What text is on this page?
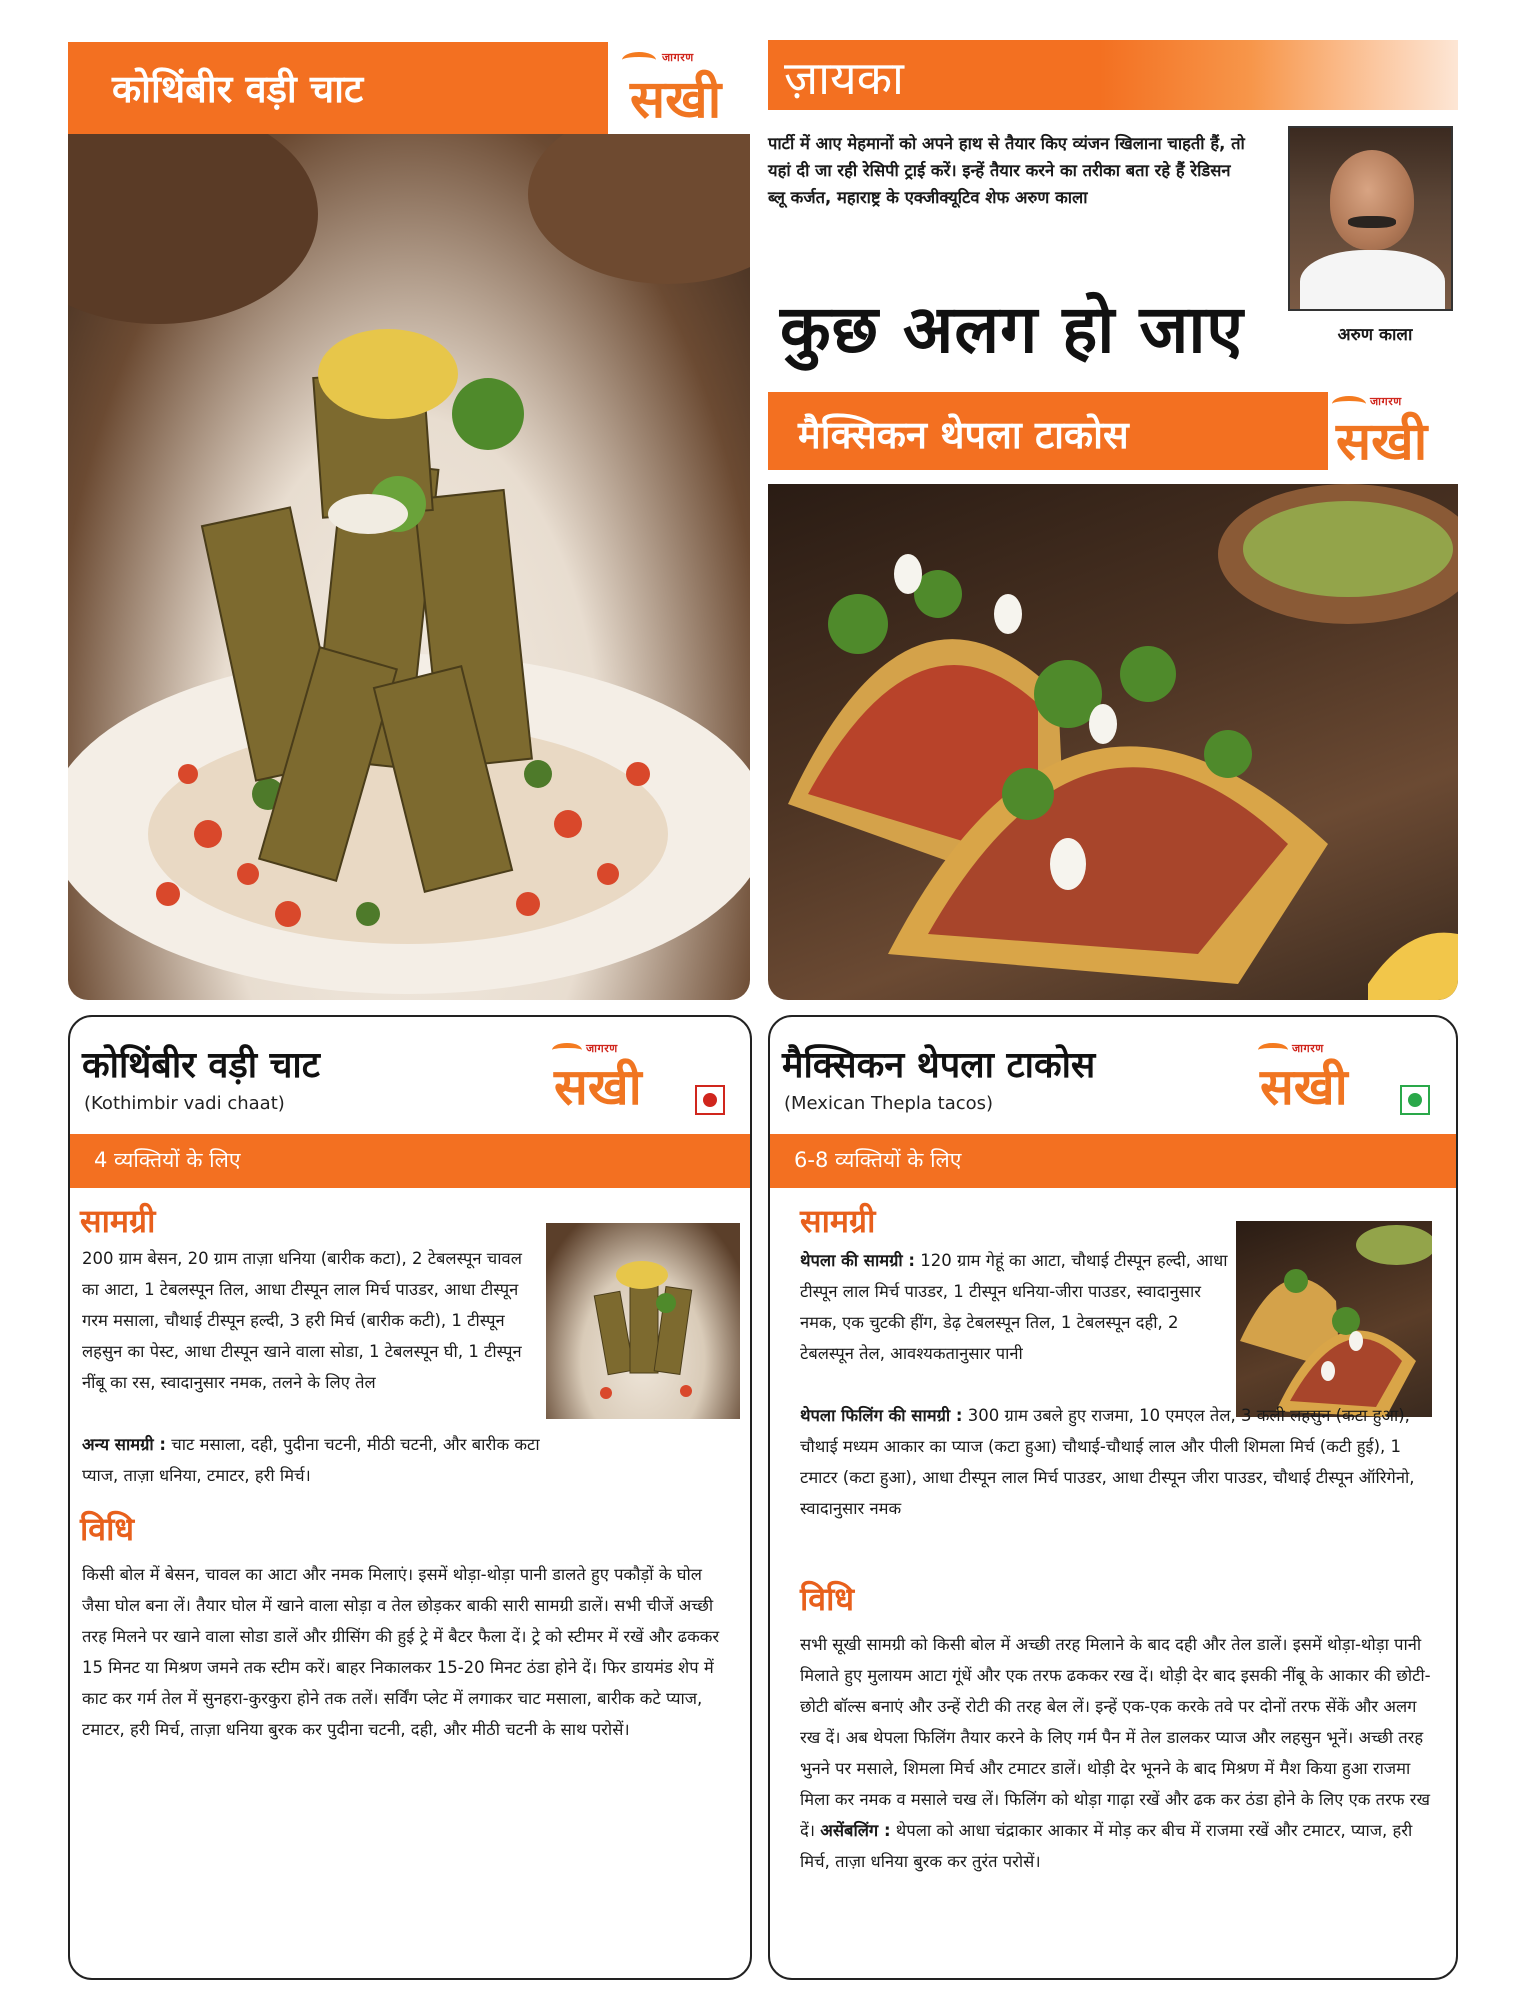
कोथिंबीर वड़ी चाट
जागरण
सखी ज़ायका

पार्टी में आए मेहमानों को अपने हाथ से तैयार किए व्यंजन खिलाना चाहती हैं, तो यहां दी जा रही रेसिपी ट्राई करें। इन्हें तैयार करने का तरीका बता रहे हैं रेडिसन ब्लू कर्जत, महाराष्ट्र के एक्जीक्यूटिव शेफ अरुण काला

अरुण काला
कुछ अलग हो जाए
मैक्सिकन थेपला टाकोस
जागरण
सखी
कोथिंबीर वड़ी चाट
(Kothimbir vadi chaat)
जागरण
सखी
4 व्यक्तियों के लिए
सामग्री

200 ग्राम बेसन, 20 ग्राम ताज़ा धनिया (बारीक कटा), 2 टेबलस्पून चावल का आटा, 1 टेबलस्पून तिल, आधा टीस्पून लाल मिर्च पाउडर, आधा टीस्पून गरम मसाला, चौथाई टीस्पून हल्दी, 3 हरी मिर्च (बारीक कटी), 1 टीस्पून लहसुन का पेस्ट, आधा टीस्पून खाने वाला सोडा, 1 टेबलस्पून घी, 1 टीस्पून नींबू का रस, स्वादानुसार नमक, तलने के लिए तेल

अन्य सामग्री : चाट मसाला, दही, पुदीना चटनी, मीठी चटनी, और बारीक कटा प्याज, ताज़ा धनिया, टमाटर, हरी मिर्च।

विधि

किसी बोल में बेसन, चावल का आटा और नमक मिलाएं। इसमें थोड़ा-थोड़ा पानी डालते हुए पकौड़ों के घोल जैसा घोल बना लें। तैयार घोल में खाने वाला सोड़ा व तेल छोड़कर बाकी सारी सामग्री डालें। सभी चीजें अच्छी तरह मिलने पर खाने वाला सोडा डालें और ग्रीसिंग की हुई ट्रे में बैटर फैला दें। ट्रे को स्टीमर में रखें और ढककर 15 मिनट या मिश्रण जमने तक स्टीम करें। बाहर निकालकर 15-20 मिनट ठंडा होने दें। फिर डायमंड शेप में काट कर गर्म तेल में सुनहरा-कुरकुरा होने तक तलें। सर्विंग प्लेट में लगाकर चाट मसाला, बारीक कटे प्याज, टमाटर, हरी मिर्च, ताज़ा धनिया बुरक कर पुदीना चटनी, दही, और मीठी चटनी के साथ परोसें।

मैक्सिकन थेपला टाकोस
(Mexican Thepla tacos)
जागरण
सखी
6-8 व्यक्तियों के लिए
सामग्री

थेपला की सामग्री : 120 ग्राम गेहूं का आटा, चौथाई टीस्पून हल्दी, आधा टीस्पून लाल मिर्च पाउडर, 1 टीस्पून धनिया-जीरा पाउडर, स्वादानुसार नमक, एक चुटकी हींग, डेढ़ टेबलस्पून तिल, 1 टेबलस्पून दही, 2 टेबलस्पून तेल, आवश्यकतानुसार पानी

थेपला फिलिंग की सामग्री : 300 ग्राम उबले हुए राजमा, 10 एमएल तेल, 3 कली लहसुन (कटा हुआ), चौथाई मध्यम आकार का प्याज (कटा हुआ) चौथाई-चौथाई लाल और पीली शिमला मिर्च (कटी हुई), 1 टमाटर (कटा हुआ), आधा टीस्पून लाल मिर्च पाउडर, आधा टीस्पून जीरा पाउडर, चौथाई टीस्पून ऑरिगेनो, स्वादानुसार नमक

विधि

सभी सूखी सामग्री को किसी बोल में अच्छी तरह मिलाने के बाद दही और तेल डालें। इसमें थोड़ा-थोड़ा पानी मिलाते हुए मुलायम आटा गूंधें और एक तरफ ढककर रख दें। थोड़ी देर बाद इसकी नींबू के आकार की छोटी-छोटी बॉल्स बनाएं और उन्हें रोटी की तरह बेल लें। इन्हें एक-एक करके तवे पर दोनों तरफ सेंकें और अलग रख दें। अब थेपला फिलिंग तैयार करने के लिए गर्म पैन में तेल डालकर प्याज और लहसुन भूनें। अच्छी तरह भुनने पर मसाले, शिमला मिर्च और टमाटर डालें। थोड़ी देर भूनने के बाद मिश्रण में मैश किया हुआ राजमा मिला कर नमक व मसाले चख लें। फिलिंग को थोड़ा गाढ़ा रखें और ढक कर ठंडा होने के लिए एक तरफ रख दें। असेंबलिंग : थेपला को आधा चंद्राकार आकार में मोड़ कर बीच में राजमा रखें और टमाटर, प्याज, हरी मिर्च, ताज़ा धनिया बुरक कर तुरंत परोसें।
